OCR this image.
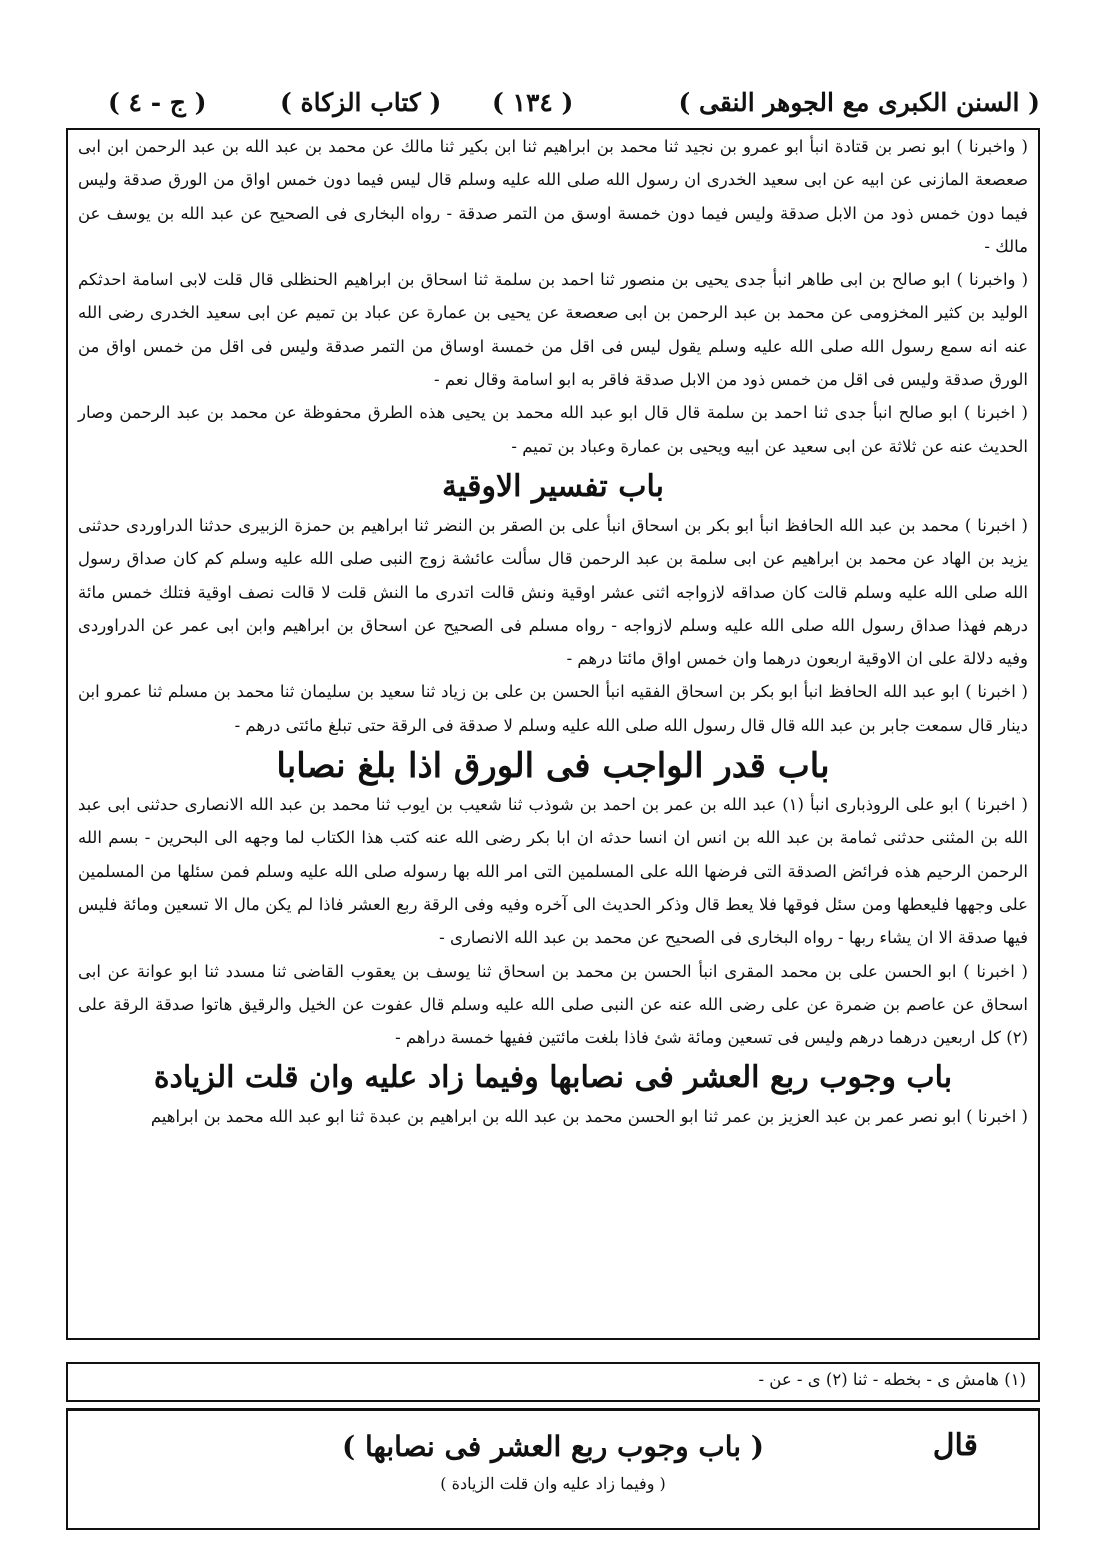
( السنن الكبرى مع الجوهر النقى )
( ١٣٤ )
( كتاب الزكاة )
( ج - ٤ )

( واخبرنا ) ابو نصر بن قتادة انبأ ابو عمرو بن نجيد ثنا محمد بن ابراهيم ثنا ابن بكير ثنا مالك عن محمد بن عبد الله بن عبد الرحمن ابن ابى صعصعة المازنى عن ابيه عن ابى سعيد الخدرى ان رسول الله صلى الله عليه وسلم قال ليس فيما دون خمس اواق من الورق صدقة وليس فيما دون خمس ذود من الابل صدقة وليس فيما دون خمسة اوسق من التمر صدقة - رواه البخارى فى الصحيح عن عبد الله بن يوسف عن مالك -

( واخبرنا ) ابو صالح بن ابى طاهر انبأ جدى يحيى بن منصور ثنا احمد بن سلمة ثنا اسحاق بن ابراهيم الحنظلى قال قلت لابى اسامة احدثكم الوليد بن كثير المخزومى عن محمد بن عبد الرحمن بن ابى صعصعة عن يحيى بن عمارة عن عباد بن تميم عن ابى سعيد الخدرى رضى الله عنه انه سمع رسول الله صلى الله عليه وسلم يقول ليس فى اقل من خمسة اوساق من التمر صدقة وليس فى اقل من خمس اواق من الورق صدقة وليس فى اقل من خمس ذود من الابل صدقة فاقر به ابو اسامة وقال نعم -

( اخبرنا ) ابو صالح انبأ جدى ثنا احمد بن سلمة قال قال ابو عبد الله محمد بن يحيى هذه الطرق محفوظة عن محمد بن عبد الرحمن وصار الحديث عنه عن ثلاثة عن ابى سعيد عن ابيه ويحيى بن عمارة وعباد بن تميم -

باب تفسير الاوقية

( اخبرنا ) محمد بن عبد الله الحافظ انبأ ابو بكر بن اسحاق انبأ على بن الصقر بن النضر ثنا ابراهيم بن حمزة الزبيرى حدثنا الدراوردى حدثنى يزيد بن الهاد عن محمد بن ابراهيم عن ابى سلمة بن عبد الرحمن قال سألت عائشة زوج النبى صلى الله عليه وسلم كم كان صداق رسول الله صلى الله عليه وسلم قالت كان صداقه لازواجه اثنى عشر اوقية ونش قالت اتدرى ما النش قلت لا قالت نصف اوقية فتلك خمس مائة درهم فهذا صداق رسول الله صلى الله عليه وسلم لازواجه - رواه مسلم فى الصحيح عن اسحاق بن ابراهيم وابن ابى عمر عن الدراوردى وفيه دلالة على ان الاوقية اربعون درهما وان خمس اواق مائتا درهم -

( اخبرنا ) ابو عبد الله الحافظ انبأ ابو بكر بن اسحاق الفقيه انبأ الحسن بن على بن زياد ثنا سعيد بن سليمان ثنا محمد بن مسلم ثنا عمرو ابن دينار قال سمعت جابر بن عبد الله قال قال رسول الله صلى الله عليه وسلم لا صدقة فى الرقة حتى تبلغ مائتى درهم -

باب قدر الواجب فى الورق اذا بلغ نصابا

( اخبرنا ) ابو على الروذبارى انبأ (١) عبد الله بن عمر بن احمد بن شوذب ثنا شعيب بن ايوب ثنا محمد بن عبد الله الانصارى حدثنى ابى عبد الله بن المثنى حدثنى ثمامة بن عبد الله بن انس ان انسا حدثه ان ابا بكر رضى الله عنه كتب هذا الكتاب لما وجهه الى البحرين - بسم الله الرحمن الرحيم هذه فرائض الصدقة التى فرضها الله على المسلمين التى امر الله بها رسوله صلى الله عليه وسلم فمن سئلها من المسلمين على وجهها فليعطها ومن سئل فوقها فلا يعط قال وذكر الحديث الى آخره وفيه وفى الرقة ربع العشر فاذا لم يكن مال الا تسعين ومائة فليس فيها صدقة الا ان يشاء ربها - رواه البخارى فى الصحيح عن محمد بن عبد الله الانصارى -

( اخبرنا ) ابو الحسن على بن محمد المقرى انبأ الحسن بن محمد بن اسحاق ثنا يوسف بن يعقوب القاضى ثنا مسدد ثنا ابو عوانة عن ابى اسحاق عن عاصم بن ضمرة عن على رضى الله عنه عن النبى صلى الله عليه وسلم قال عفوت عن الخيل والرقيق هاتوا صدقة الرقة على (٢) كل اربعين درهما درهم وليس فى تسعين ومائة شئ فاذا بلغت مائتين ففيها خمسة دراهم -

باب وجوب ربع العشر فى نصابها وفيما زاد عليه وان قلت الزيادة

( اخبرنا ) ابو نصر عمر بن عبد العزيز بن عمر ثنا ابو الحسن محمد بن عبد الله بن ابراهيم بن عبدة ثنا ابو عبد الله محمد بن ابراهيم

(١) هامش ى - بخطه - ثنا (٢) ى - عن -
قال
( باب وجوب ربع العشر فى نصابها )
( وفيما زاد عليه وان قلت الزيادة )
